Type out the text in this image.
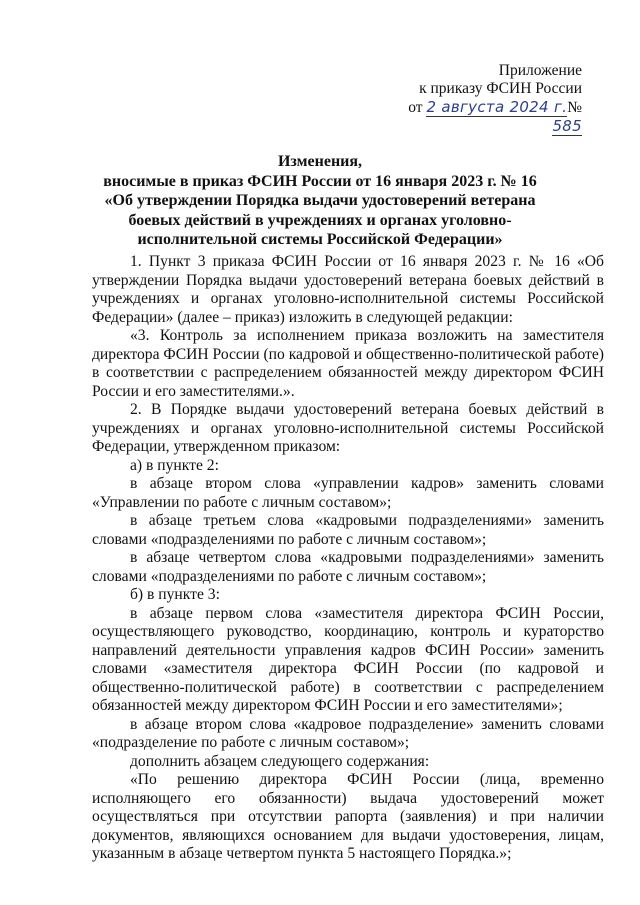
Приложение
к приказу ФСИН России
от 2 августа 2024 г.№ 585
Изменения,
вносимые в приказ ФСИН России от 16 января 2023 г. № 16
«Об утверждении Порядка выдачи удостоверений ветерана боевых действий в учреждениях и органах уголовно-исполнительной системы Российской Федерации»

1. Пункт 3 приказа ФСИН России от 16 января 2023 г. № 16 «Об утверждении Порядка выдачи удостоверений ветерана боевых действий в учреждениях и органах уголовно-исполнительной системы Российской Федерации» (далее – приказ) изложить в следующей редакции:

«3. Контроль за исполнением приказа возложить на заместителя директора ФСИН России (по кадровой и общественно-политической работе) в соответствии с распределением обязанностей между директором ФСИН России и его заместителями.».

2. В Порядке выдачи удостоверений ветерана боевых действий в учреждениях и органах уголовно-исполнительной системы Российской Федерации, утвержденном приказом:

а) в пункте 2:

в абзаце втором слова «управлении кадров» заменить словами «Управлении по работе с личным составом»;

в абзаце третьем слова «кадровыми подразделениями» заменить словами «подразделениями по работе с личным составом»;

в абзаце четвертом слова «кадровыми подразделениями» заменить словами «подразделениями по работе с личным составом»;

б) в пункте 3:

в абзаце первом слова «заместителя директора ФСИН России, осуществляющего руководство, координацию, контроль и кураторство направлений деятельности управления кадров ФСИН России» заменить словами «заместителя директора ФСИН России (по кадровой и общественно-политической работе) в соответствии с распределением обязанностей между директором ФСИН России и его заместителями»;

в абзаце втором слова «кадровое подразделение» заменить словами «подразделение по работе с личным составом»;

дополнить абзацем следующего содержания:

«По решению директора ФСИН России (лица, временно исполняющего его обязанности) выдача удостоверений может осуществляться при отсутствии рапорта (заявления) и при наличии документов, являющихся основанием для выдачи удостоверения, лицам, указанным в абзаце четвертом пункта 5 настоящего Порядка.»;
